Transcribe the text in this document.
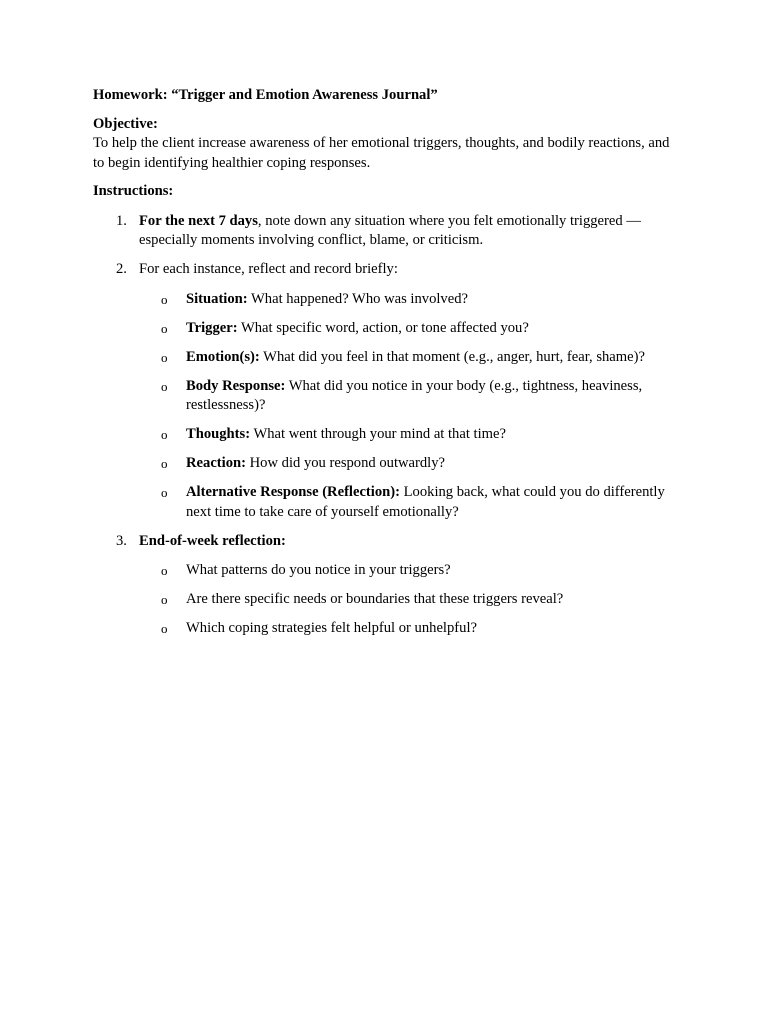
Homework: “Trigger and Emotion Awareness Journal”

Objective:

To help the client increase awareness of her emotional triggers, thoughts, and bodily reactions, and to begin identifying healthier coping responses.

Instructions:

1. For the next 7 days, note down any situation where you felt emotionally triggered — especially moments involving conflict, blame, or criticism.
2. For each instance, reflect and record briefly:
o Situation: What happened? Who was involved?
o Trigger: What specific word, action, or tone affected you?
o Emotion(s): What did you feel in that moment (e.g., anger, hurt, fear, shame)?
o Body Response: What did you notice in your body (e.g., tightness, heaviness, restlessness)?
o Thoughts: What went through your mind at that time?
o Reaction: How did you respond outwardly?
o Alternative Response (Reflection): Looking back, what could you do differently next time to take care of yourself emotionally?
3. End-of-week reflection:
o What patterns do you notice in your triggers?
o Are there specific needs or boundaries that these triggers reveal?
o Which coping strategies felt helpful or unhelpful?
